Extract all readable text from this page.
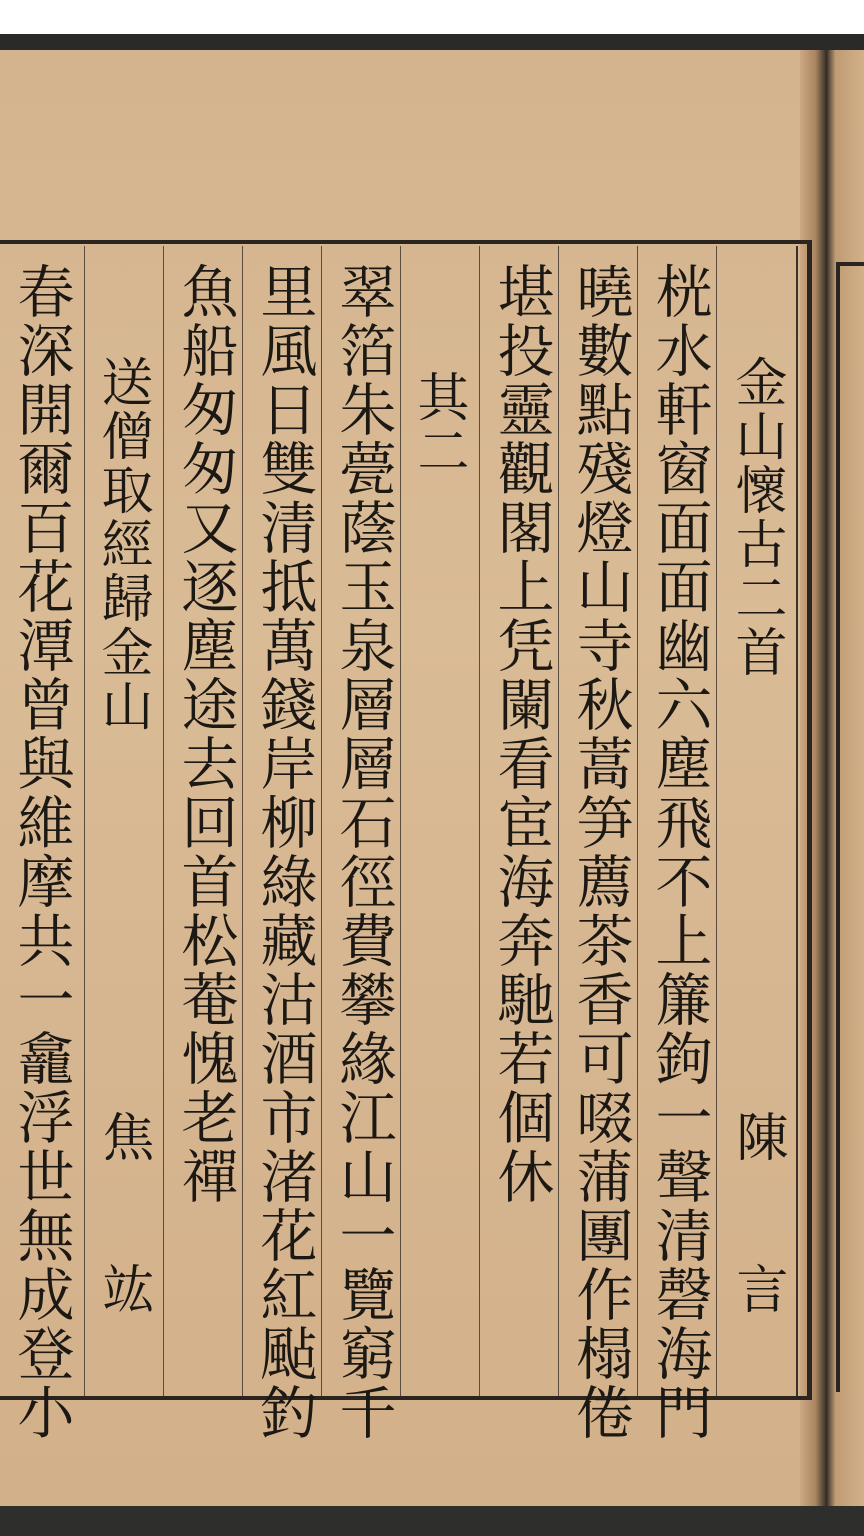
金山懷古二首
陳　言
桄水軒窗面面幽六塵飛不上簾鉤一聲清磬海門
曉數點殘燈山寺秋蒿笋薦茶香可啜蒲團作榻倦
堪投靈觀閣上凭闌看宦海奔馳若個休
其二
翠箔朱甍蔭玉泉層層石徑費攀緣江山一覽窮千
里風日雙清抵萬錢岸柳綠藏沽酒市渚花紅颭釣
魚船匆匆又逐塵途去回首松菴愧老禪
送僧取經歸金山
焦　竑
春深開爾百花潭曾與維摩共一龕浮世無成登小
